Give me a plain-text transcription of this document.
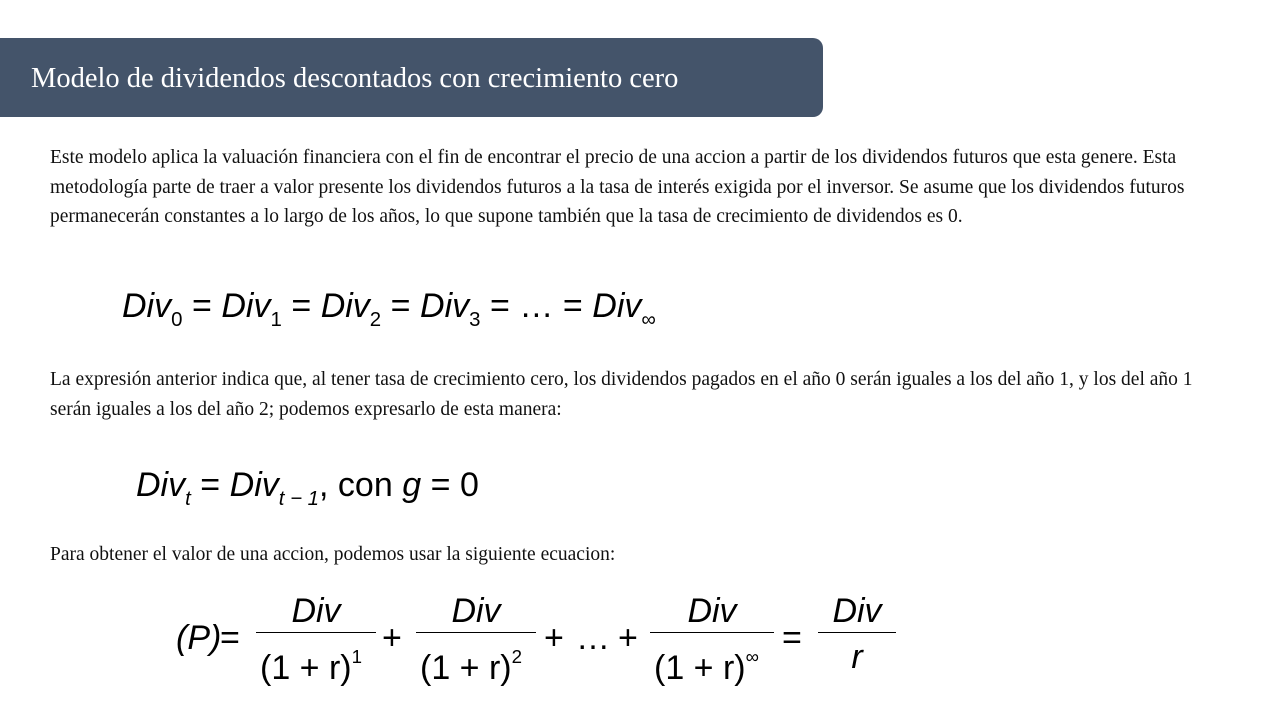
Modelo de dividendos descontados con crecimiento cero

Este modelo aplica la valuación financiera con el fin de encontrar el precio de una accion a partir de los dividendos futuros que esta genere. Esta metodología parte de traer a valor presente los dividendos futuros a la tasa de interés exigida por el inversor. Se asume que los dividendos futuros permanecerán constantes a lo largo de los años, lo que supone también que la tasa de crecimiento de dividendos es 0.

Div$_0$ = Div$_1$ = Div$_2$ = Div$_3$ = … = Div$_\infty$

La expresión anterior indica que, al tener tasa de crecimiento cero, los dividendos pagados en el año 0 serán iguales a los del año 1, y los del año 1 serán iguales a los del año 2; podemos expresarlo de esta manera:

Div$_t$ = Div$_{t - 1}$, con g = 0

Para obtener el valor de una accion, podemos usar la siguiente ecuacion:

(P)
=
Div
$(1 + r)^1$ +
Div
$(1 + r)^2$ + … +
Div
(1 + r)∞ =
Div
r
